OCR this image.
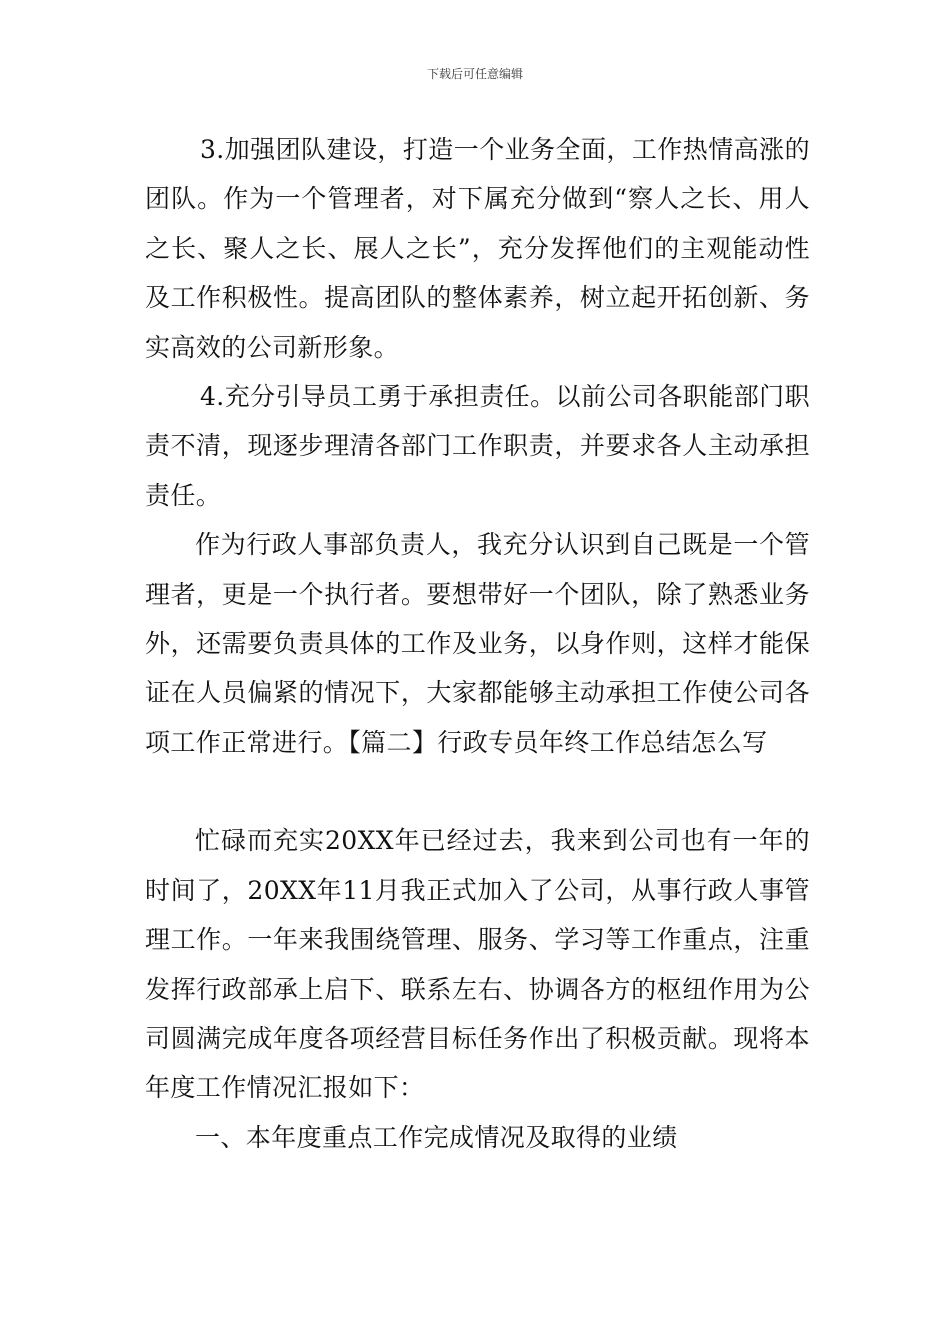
下载后可任意编辑

3.加强团队建设，打造一个业务全面，工作热情高涨的团队。作为一个管理者，对下属充分做到“察人之长、用人之长、聚人之长、展人之长”，充分发挥他们的主观能动性及工作积极性。提高团队的整体素养，树立起开拓创新、务实高效的公司新形象。

4.充分引导员工勇于承担责任。以前公司各职能部门职责不清，现逐步理清各部门工作职责，并要求各人主动承担责任。

作为行政人事部负责人，我充分认识到自己既是一个管理者，更是一个执行者。要想带好一个团队，除了熟悉业务外，还需要负责具体的工作及业务，以身作则，这样才能保证在人员偏紧的情况下，大家都能够主动承担工作使公司各项工作正常进行。【篇二】行政专员年终工作总结怎么写

忙碌而充实20XX年已经过去，我来到公司也有一年的时间了，20XX年11月我正式加入了公司，从事行政人事管理工作。一年来我围绕管理、服务、学习等工作重点，注重发挥行政部承上启下、联系左右、协调各方的枢纽作用为公司圆满完成年度各项经营目标任务作出了积极贡献。现将本年度工作情况汇报如下：

一、本年度重点工作完成情况及取得的业绩
